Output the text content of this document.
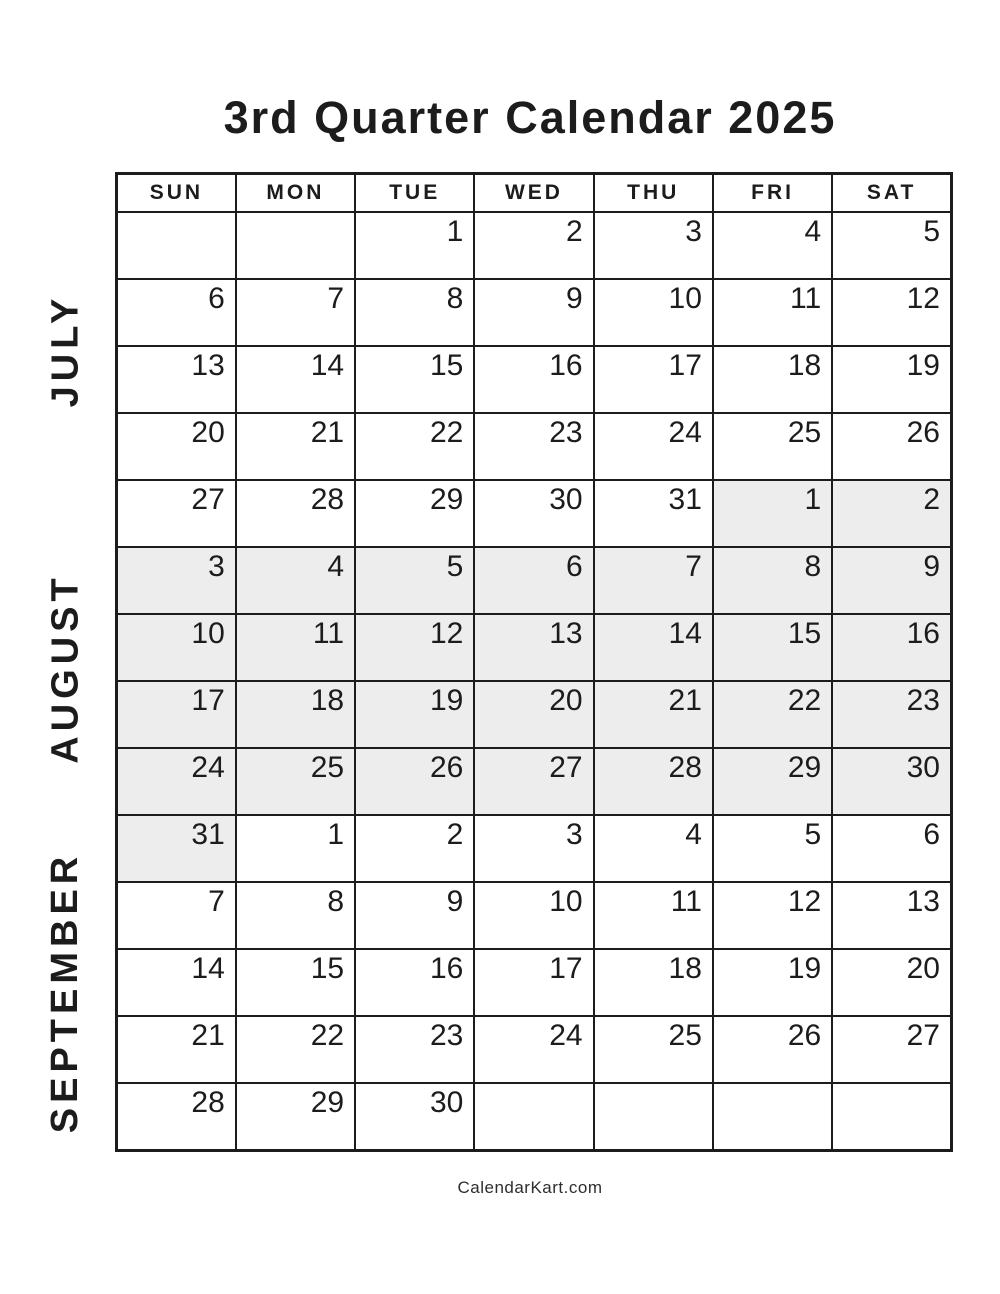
3rd Quarter Calendar 2025
JULY
AUGUST
SEPTEMBER
SUN	MON	TUE	WED	THU	FRI	SAT
		1	2	3	4	5
6	7	8	9	10	11	12
13	14	15	16	17	18	19
20	21	22	23	24	25	26
27	28	29	30	31	1	2
3	4	5	6	7	8	9
10	11	12	13	14	15	16
17	18	19	20	21	22	23
24	25	26	27	28	29	30
31	1	2	3	4	5	6
7	8	9	10	11	12	13
14	15	16	17	18	19	20
21	22	23	24	25	26	27
28	29	30				
CalendarKart.com
